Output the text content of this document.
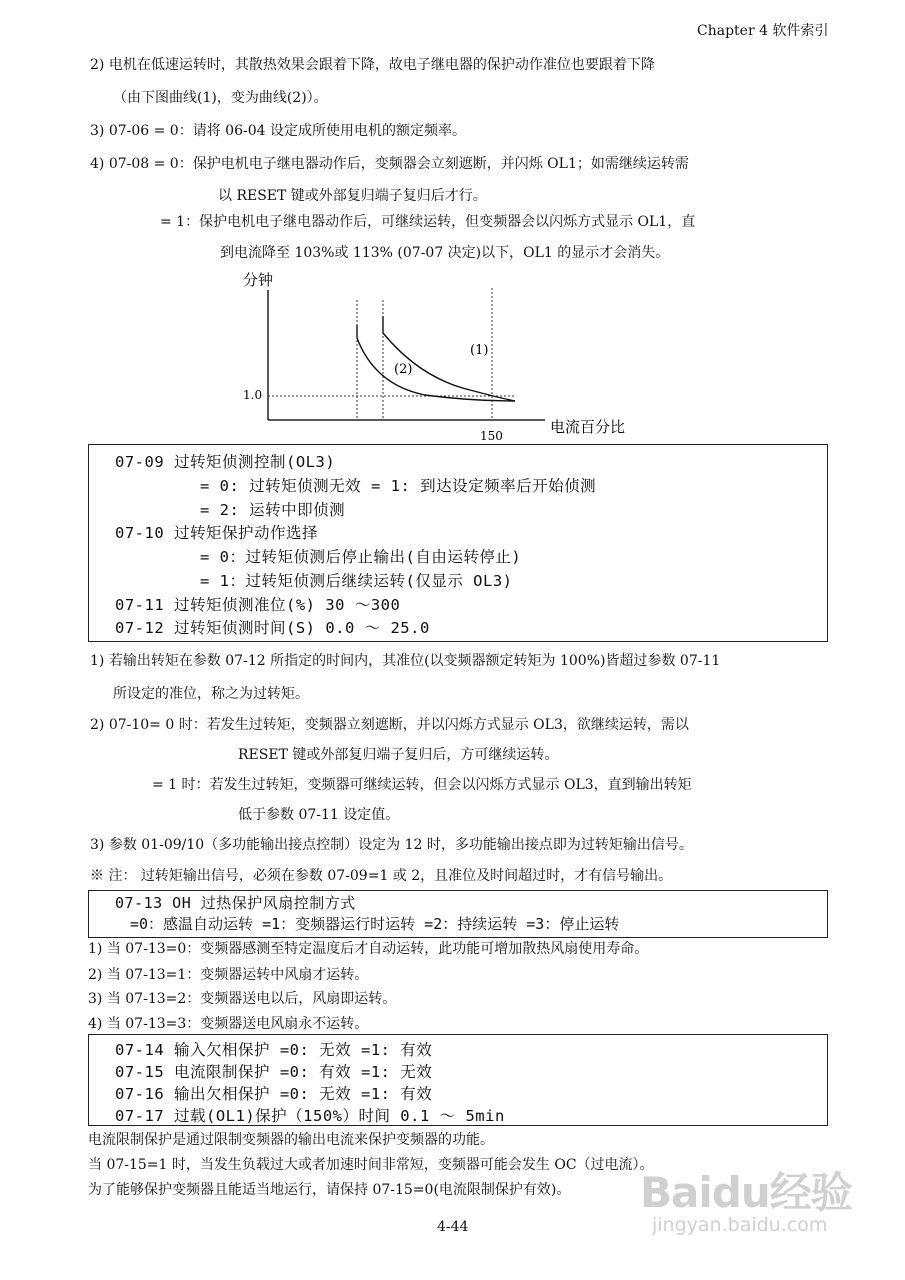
Chapter 4 软件索引
2) 电机在低速运转时，其散热效果会跟着下降，故电子继电器的保护动作准位也要跟着下降
（由下图曲线(1)，变为曲线(2)）。
3) 07-06 = 0：请将 06-04 设定成所使用电机的额定频率。
4) 07-08 = 0：保护电机电子继电器动作后，变频器会立刻遮断，并闪烁 OL1；如需继续运转需
以 RESET 键或外部复归端子复归后才行。
= 1：保护电机电子继电器动作后，可继续运转，但变频器会以闪烁方式显示 OL1，直
到电流降至 103%或 113% (07-07 决定)以下，OL1 的显示才会消失。
分钟
电流百分比
1.0
150
(1)
(2)
07-09 过转矩侦测控制(OL3)
= 0: 过转矩侦测无效 = 1: 到达设定频率后开始侦测
= 2: 运转中即侦测
07-10 过转矩保护动作选择
= 0：过转矩侦测后停止输出(自由运转停止)
= 1：过转矩侦测后继续运转(仅显示 OL3)
07-11 过转矩侦测准位(%) 30 ～300
07-12 过转矩侦测时间(S) 0.0 ～ 25.0
1) 若输出转矩在参数 07-12 所指定的时间内，其准位(以变频器额定转矩为 100%)皆超过参数 07-11
所设定的准位，称之为过转矩。
2) 07-10= 0 时：若发生过转矩，变频器立刻遮断，并以闪烁方式显示 OL3，欲继续运转，需以
RESET 键或外部复归端子复归后，方可继续运转。
= 1 时：若发生过转矩，变频器可继续运转，但会以闪烁方式显示 OL3，直到输出转矩
低于参数 07-11 设定值。
3) 参数 01-09/10（多功能输出接点控制）设定为 12 时，多功能输出接点即为过转矩输出信号。
※ 注： 过转矩输出信号，必须在参数 07-09=1 或 2，且准位及时间超过时，才有信号输出。
07-13 OH 过热保护风扇控制方式
=0：感温自动运转 =1：变频器运行时运转 =2：持续运转 =3：停止运转
1) 当 07-13=0：变频器感测至特定温度后才自动运转，此功能可增加散热风扇使用寿命。
2) 当 07-13=1：变频器运转中风扇才运转。
3) 当 07-13=2：变频器送电以后，风扇即运转。
4) 当 07-13=3：变频器送电风扇永不运转。
07-14 输入欠相保护 =0: 无效 =1: 有效
07-15 电流限制保护 =0: 有效 =1: 无效
07-16 输出欠相保护 =0: 无效 =1: 有效
07-17 过载(OL1)保护（150%）时间 0.1 ～ 5min
电流限制保护是通过限制变频器的输出电流来保护变频器的功能。
当 07-15=1 时，当发生负载过大或者加速时间非常短，变频器可能会发生 OC（过电流）。
为了能够保护变频器且能适当地运行，请保持 07-15=0(电流限制保护有效)。
4-44
Baidu经验
jingyan.baidu.com
